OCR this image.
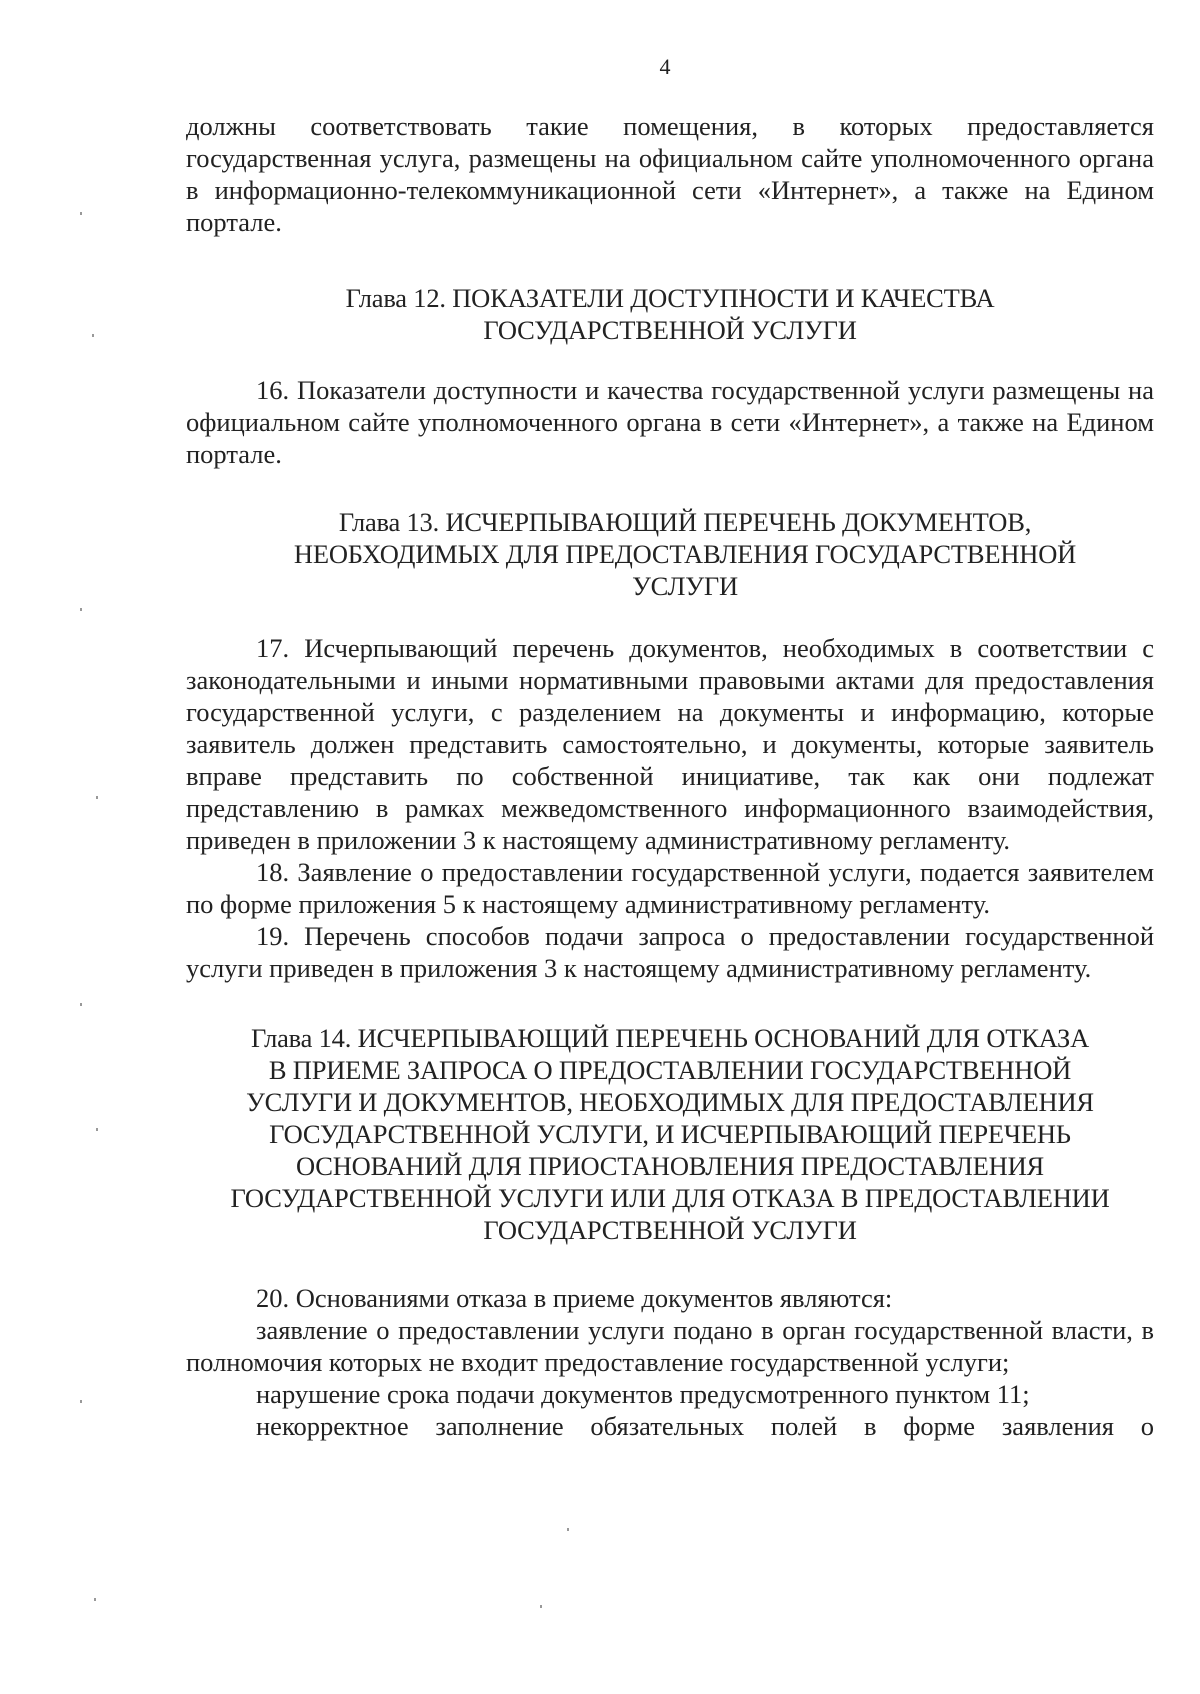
4

должны соответствовать такие помещения, в которых предоставляется государственная услуга, размещены на официальном сайте уполномоченного органа в информационно-телекоммуникационной сети «Интернет», а также на Едином портале.

Глава 12. ПОКАЗАТЕЛИ ДОСТУПНОСТИ И КАЧЕСТВА
ГОСУДАРСТВЕННОЙ УСЛУГИ

16. Показатели доступности и качества государственной услуги размещены на официальном сайте уполномоченного органа в сети «Интернет», а также на Едином портале.

Глава 13. ИСЧЕРПЫВАЮЩИЙ ПЕРЕЧЕНЬ ДОКУМЕНТОВ,
НЕОБХОДИМЫХ ДЛЯ ПРЕДОСТАВЛЕНИЯ ГОСУДАРСТВЕННОЙ
УСЛУГИ

17. Исчерпывающий перечень документов, необходимых в соответствии с законодательными и иными нормативными правовыми актами для предоставления государственной услуги, с разделением на документы и информацию, которые заявитель должен представить самостоятельно, и документы, которые заявитель вправе представить по собственной инициативе, так как они подлежат представлению в рамках межведомственного информационного взаимодействия, приведен в приложении 3 к настоящему административному регламенту.

18. Заявление о предоставлении государственной услуги, подается заявителем по форме приложения 5 к настоящему административному регламенту.

19. Перечень способов подачи запроса о предоставлении государственной услуги приведен в приложения 3 к настоящему административному регламенту.

Глава 14. ИСЧЕРПЫВАЮЩИЙ ПЕРЕЧЕНЬ ОСНОВАНИЙ ДЛЯ ОТКАЗА
В ПРИЕМЕ ЗАПРОСА О ПРЕДОСТАВЛЕНИИ ГОСУДАРСТВЕННОЙ
УСЛУГИ И ДОКУМЕНТОВ, НЕОБХОДИМЫХ ДЛЯ ПРЕДОСТАВЛЕНИЯ
ГОСУДАРСТВЕННОЙ УСЛУГИ, И ИСЧЕРПЫВАЮЩИЙ ПЕРЕЧЕНЬ
ОСНОВАНИЙ ДЛЯ ПРИОСТАНОВЛЕНИЯ ПРЕДОСТАВЛЕНИЯ
ГОСУДАРСТВЕННОЙ УСЛУГИ ИЛИ ДЛЯ ОТКАЗА В ПРЕДОСТАВЛЕНИИ
ГОСУДАРСТВЕННОЙ УСЛУГИ

20. Основаниями отказа в приеме документов являются:

заявление о предоставлении услуги подано в орган государственной власти, в полномочия которых не входит предоставление государственной услуги;

нарушение срока подачи документов предусмотренного пунктом 11;

некорректное заполнение обязательных полей в форме заявления о
